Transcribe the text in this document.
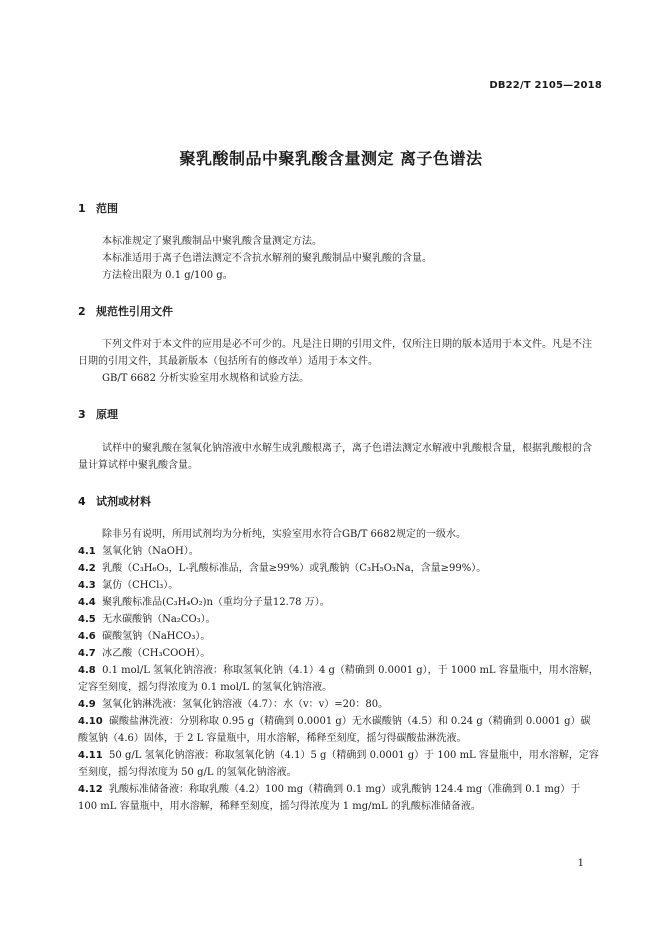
DB22/T 2105—2018
聚乳酸制品中聚乳酸含量测定 离子色谱法
1 范围
本标准规定了聚乳酸制品中聚乳酸含量测定方法。
本标准适用于离子色谱法测定不含抗水解剂的聚乳酸制品中聚乳酸的含量。
方法检出限为 0.1 g/100 g。
2 规范性引用文件
下列文件对于本文件的应用是必不可少的。凡是注日期的引用文件，仅所注日期的版本适用于本文件。凡是不注日期的引用文件，其最新版本（包括所有的修改单）适用于本文件。
GB/T 6682 分析实验室用水规格和试验方法。
3 原理
试样中的聚乳酸在氢氧化钠溶液中水解生成乳酸根离子，离子色谱法测定水解液中乳酸根含量，根据乳酸根的含量计算试样中聚乳酸含量。
4 试剂或材料
除非另有说明，所用试剂均为分析纯，实验室用水符合GB/T 6682规定的一级水。
4.1 氢氧化钠（NaOH）。
4.2 乳酸（C₃H₆O₃，L-乳酸标准品，含量≥99%）或乳酸钠（C₃H₅O₃Na，含量≥99%）。
4.3 氯仿（CHCl₃）。
4.4 聚乳酸标准品(C₃H₄O₂)n（重均分子量12.78 万）。
4.5 无水碳酸钠（Na₂CO₃）。
4.6 碳酸氢钠（NaHCO₃）。
4.7 冰乙酸（CH₃COOH）。
4.8 0.1 mol/L 氢氧化钠溶液：称取氢氧化钠（4.1）4 g（精确到 0.0001 g），于 1000 mL 容量瓶中，用水溶解，定容至刻度，摇匀得浓度为 0.1 mol/L 的氢氧化钠溶液。
4.9 氢氧化钠淋洗液：氢氧化钠溶液（4.7）：水（v：v）=20：80。
4.10 碳酸盐淋洗液：分别称取 0.95 g（精确到 0.0001 g）无水碳酸钠（4.5）和 0.24 g（精确到 0.0001 g）碳酸氢钠（4.6）固体，于 2 L 容量瓶中，用水溶解，稀释至刻度，摇匀得碳酸盐淋洗液。
4.11 50 g/L 氢氧化钠溶液：称取氢氧化钠（4.1）5 g（精确到 0.0001 g）于 100 mL 容量瓶中，用水溶解，定容至刻度，摇匀得浓度为 50 g/L 的氢氧化钠溶液。
4.12 乳酸标准储备液：称取乳酸（4.2）100 mg（精确到 0.1 mg）或乳酸钠 124.4 mg（准确到 0.1 mg）于 100 mL 容量瓶中，用水溶解，稀释至刻度，摇匀得浓度为 1 mg/mL 的乳酸标准储备液。
1
